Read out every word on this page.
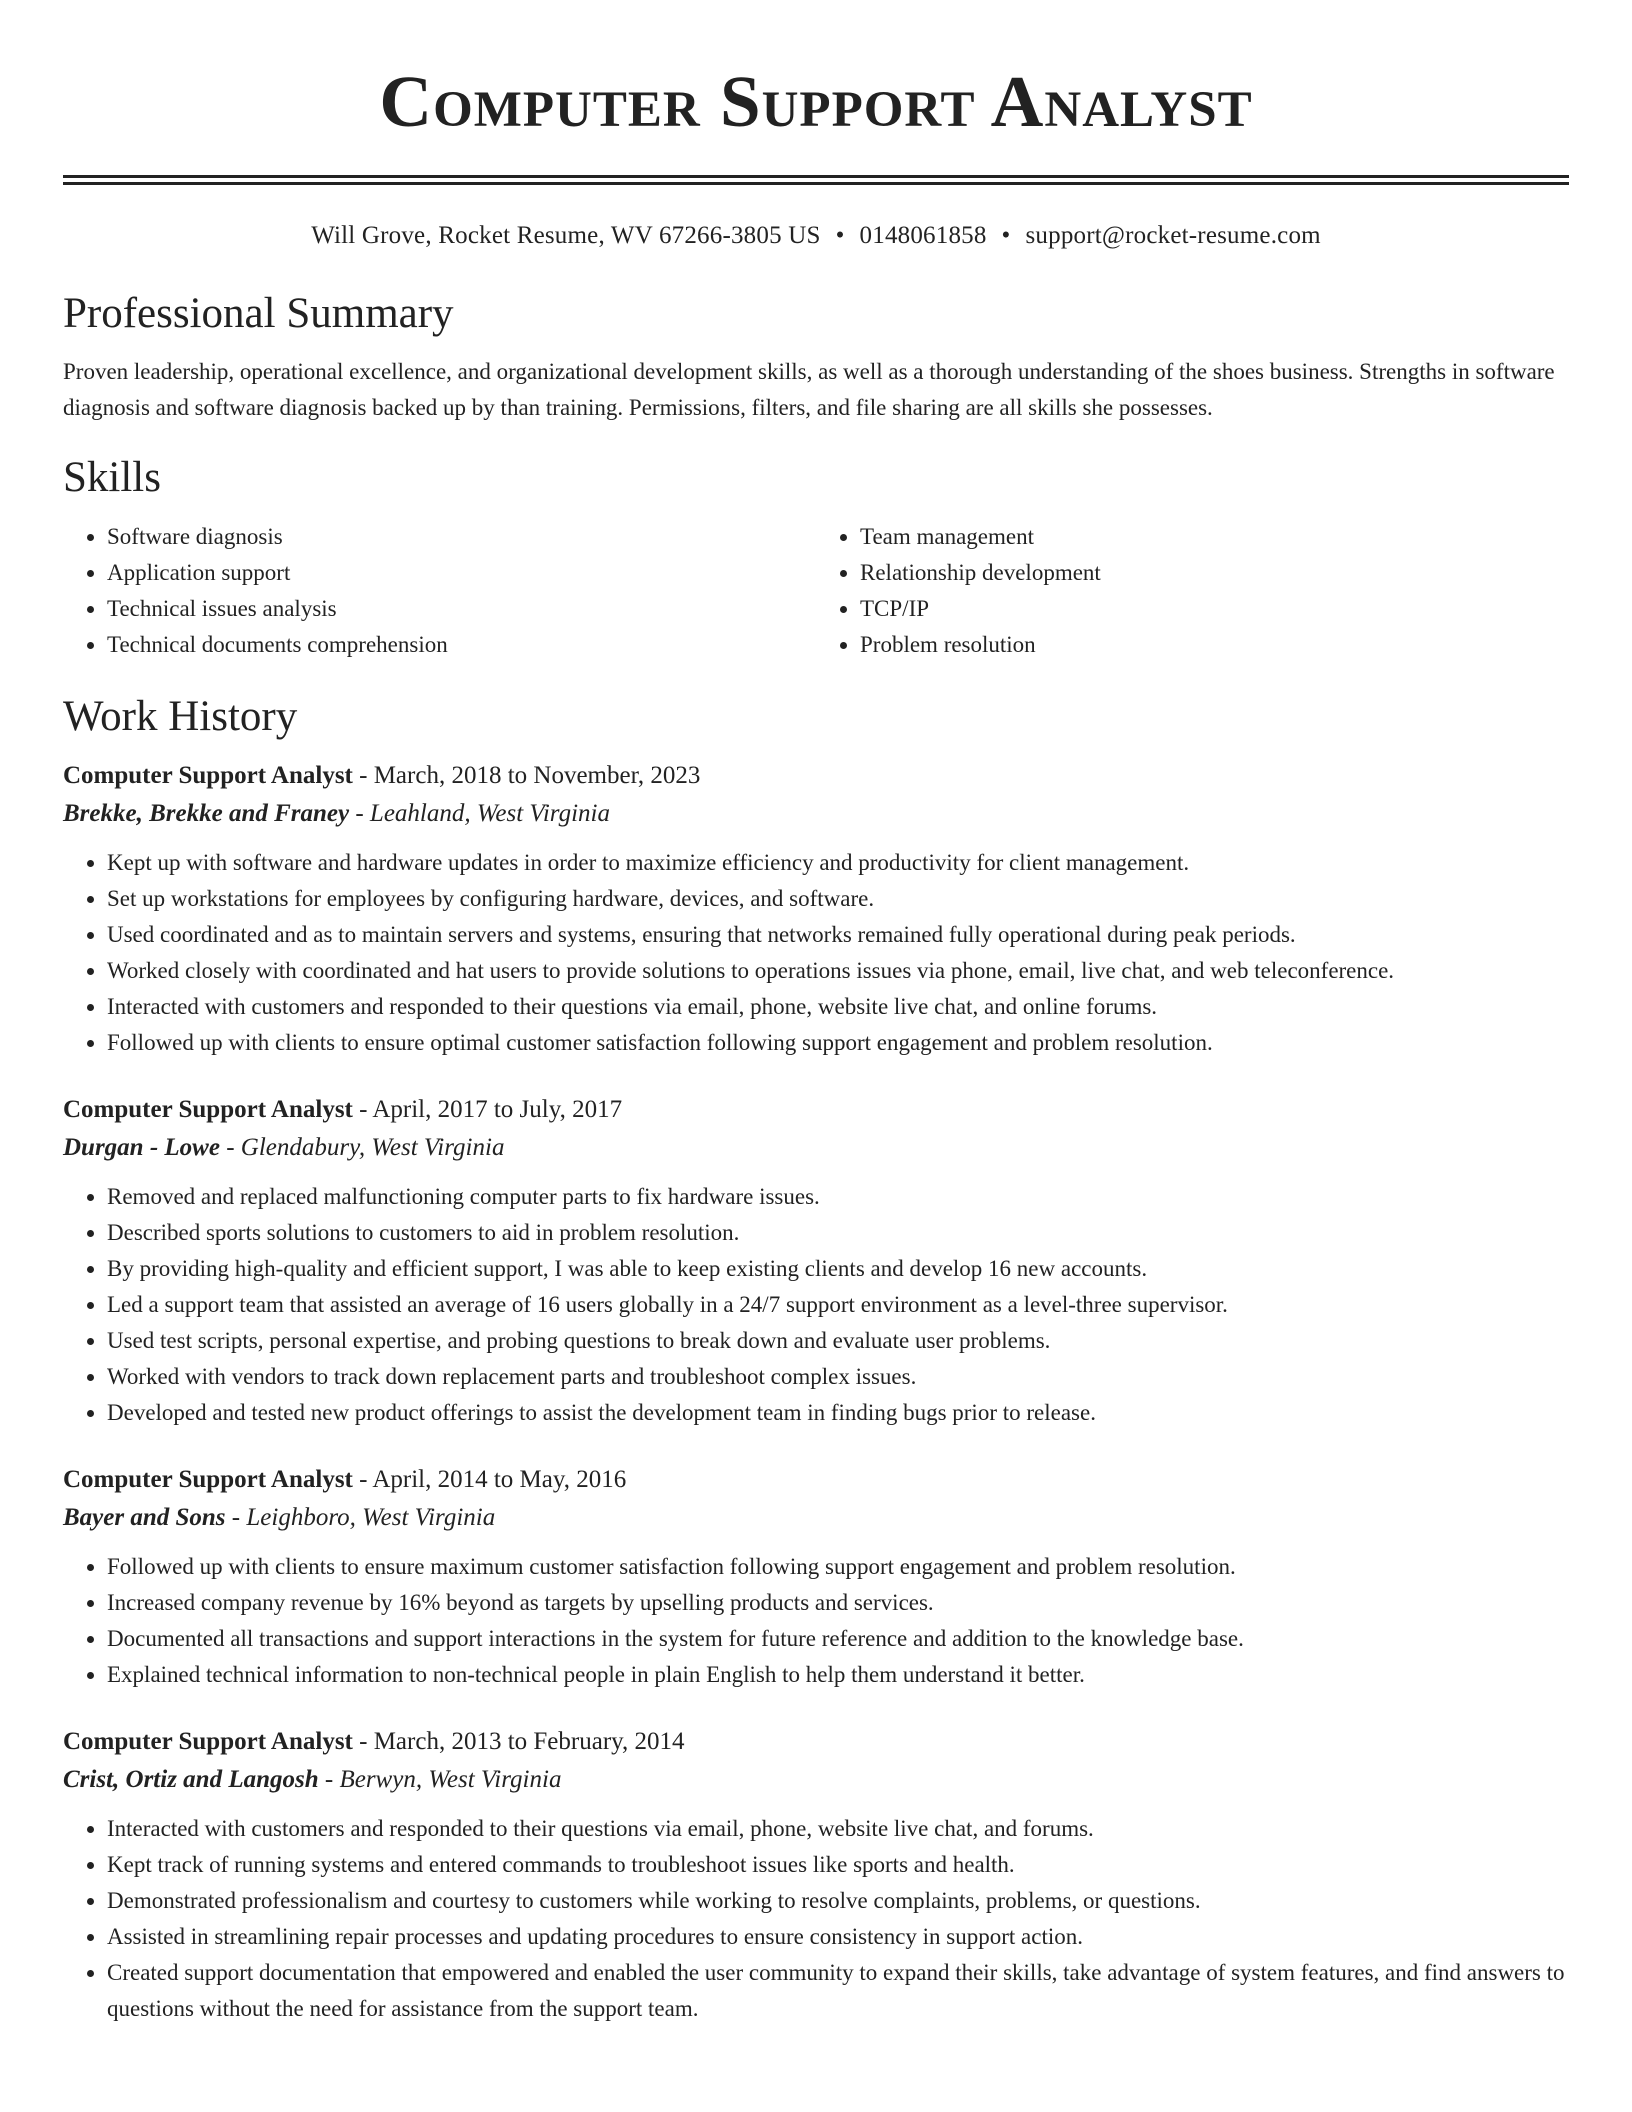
Computer Support Analyst
Will Grove, Rocket Resume, WV 67266-3805 US • 0148061858 • support@rocket-resume.com
Professional Summary

Proven leadership, operational excellence, and organizational development skills, as well as a thorough understanding of the shoes business. Strengths in software diagnosis and software diagnosis backed up by than training. Permissions, filters, and file sharing are all skills she possesses.

Skills
• Software diagnosis
• Application support
• Technical issues analysis
• Technical documents comprehension
• Team management
• Relationship development
• TCP/IP
• Problem resolution
Work History
Computer Support Analyst - March, 2018 to November, 2023
Brekke, Brekke and Franey - Leahland, West Virginia
• Kept up with software and hardware updates in order to maximize efficiency and productivity for client management.
• Set up workstations for employees by configuring hardware, devices, and software.
• Used coordinated and as to maintain servers and systems, ensuring that networks remained fully operational during peak periods.
• Worked closely with coordinated and hat users to provide solutions to operations issues via phone, email, live chat, and web teleconference.
• Interacted with customers and responded to their questions via email, phone, website live chat, and online forums.
• Followed up with clients to ensure optimal customer satisfaction following support engagement and problem resolution.
Computer Support Analyst - April, 2017 to July, 2017
Durgan - Lowe - Glendabury, West Virginia
• Removed and replaced malfunctioning computer parts to fix hardware issues.
• Described sports solutions to customers to aid in problem resolution.
• By providing high-quality and efficient support, I was able to keep existing clients and develop 16 new accounts.
• Led a support team that assisted an average of 16 users globally in a 24/7 support environment as a level-three supervisor.
• Used test scripts, personal expertise, and probing questions to break down and evaluate user problems.
• Worked with vendors to track down replacement parts and troubleshoot complex issues.
• Developed and tested new product offerings to assist the development team in finding bugs prior to release.
Computer Support Analyst - April, 2014 to May, 2016
Bayer and Sons - Leighboro, West Virginia
• Followed up with clients to ensure maximum customer satisfaction following support engagement and problem resolution.
• Increased company revenue by 16% beyond as targets by upselling products and services.
• Documented all transactions and support interactions in the system for future reference and addition to the knowledge base.
• Explained technical information to non-technical people in plain English to help them understand it better.
Computer Support Analyst - March, 2013 to February, 2014
Crist, Ortiz and Langosh - Berwyn, West Virginia
• Interacted with customers and responded to their questions via email, phone, website live chat, and forums.
• Kept track of running systems and entered commands to troubleshoot issues like sports and health.
• Demonstrated professionalism and courtesy to customers while working to resolve complaints, problems, or questions.
• Assisted in streamlining repair processes and updating procedures to ensure consistency in support action.
• Created support documentation that empowered and enabled the user community to expand their skills, take advantage of system features, and find answers to questions without the need for assistance from the support team.
